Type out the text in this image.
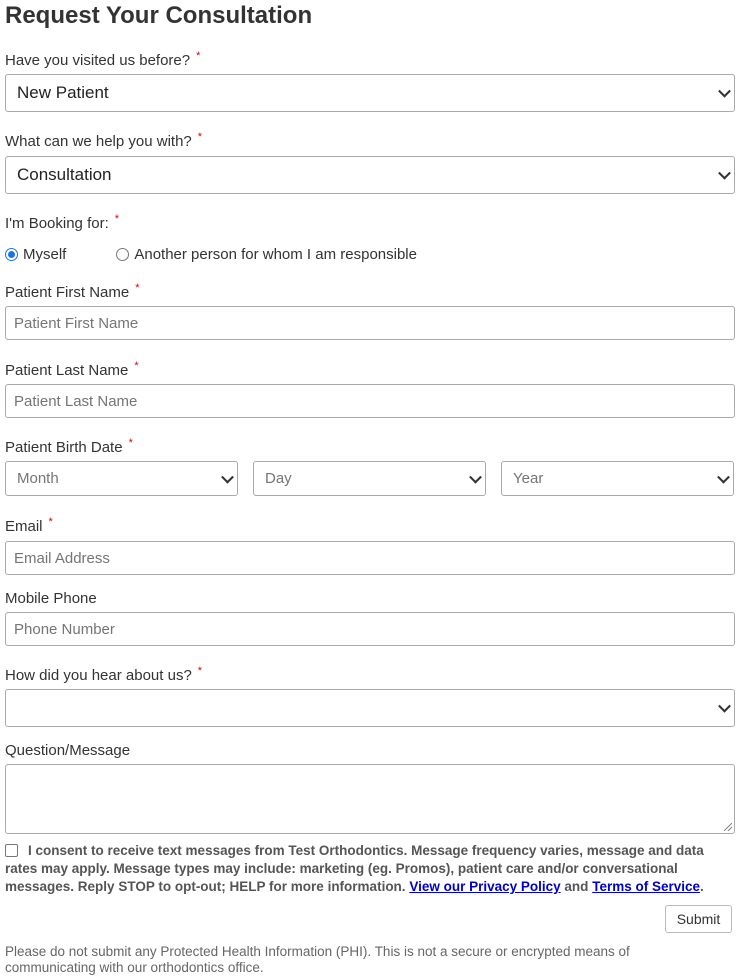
Request Your Consultation
Have you visited us before? *
New Patient
What can we help you with? *
Consultation
I'm Booking for: *
Myself	Another person for whom I am responsible
Patient First Name *
Patient First Name
Patient Last Name *
Patient Last Name
Patient Birth Date *
Month	Day	Year
Email *
Email Address
Mobile Phone
Phone Number
How did you hear about us? *
Question/Message
I consent to receive text messages from Test Orthodontics. Message frequency varies, message and data rates may apply. Message types may include: marketing (eg. Promos), patient care and/or conversational messages. Reply STOP to opt-out; HELP for more information. View our Privacy Policy and Terms of Service.
Submit
Please do not submit any Protected Health Information (PHI). This is not a secure or encrypted means of communicating with our orthodontics office.
